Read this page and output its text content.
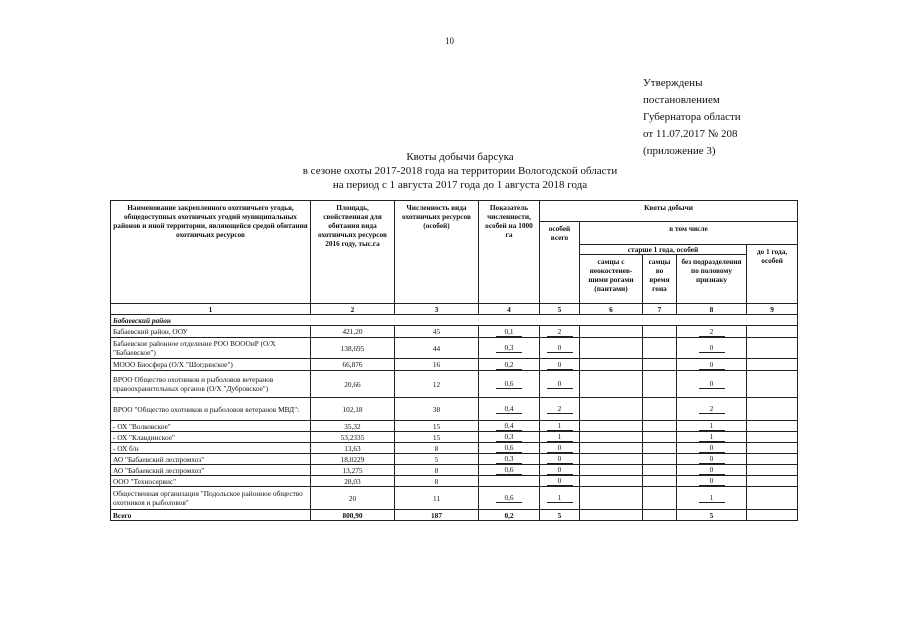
10
Утверждены
постановлением
Губернатора области
от 11.07.2017 № 208
(приложение 3)
Квоты добычи барсука
в сезоне охоты 2017-2018 года на территории Вологодской области
на период с 1 августа 2017 года до 1 августа 2018 года
Наименование закрепленного охотничьего угодья, общедоступных охотничьих угодий муниципальных районов и иной территории, являющейся средой обитания охотничьих ресурсов	Площадь, свойственная для обитания вида охотничьих ресурсов 2016 году, тыс.га	Численность вида охотничьих ресурсов (особей)	Показатель численности, особей на 1000 га	Квоты добычи				
				особей всего	в том числе			
					старше 1 года, особей			до 1 года, особей
					самцы с неокостенев-шими рогами (пантами)	самцы во время гона	без подразделения по половому признаку	
1	2	3	4	5	6	7	8	9
Бабаевский район								
Бабаевский район, ООУ	421,20	45	0,1	2			2	
Бабаевское районное отделение РОО ВОООиР (О/Х "Бабаевское")	138,695	44	0,3	0			0	
МООО Биосфера (О/Х "Шогдинское")	66,876	16	0,2	0			0	
ВРОО Общество охотников и рыболовов ветеранов правоохранительных органов (О/Х "Дубровское")	20,66	12	0,6	0			0	
ВРОО "Общество охотников и рыболовов ветеранов МВД":	102,18	38	0,4	2			2	
- ОХ "Волковское"	35,32	15	0,4	1			1	
- ОХ "Клавдинское"	53,2335	15	0,3	1			1	
- ОХ б/н	13,63	8	0,6	0			0	
АО "Бабаевский леспромхоз"	18,0229	5	0,3	0			0	
АО "Бабаевский леспромхоз"	13,275	8	0,6	0			0	
ООО "Техносервис"	28,03	8		0			0	
Общественная организация "Подольское районное общество охотников и рыболовов"	20	11	0,6	1			1	
Всего	800,90	187	0,2	5			5	
